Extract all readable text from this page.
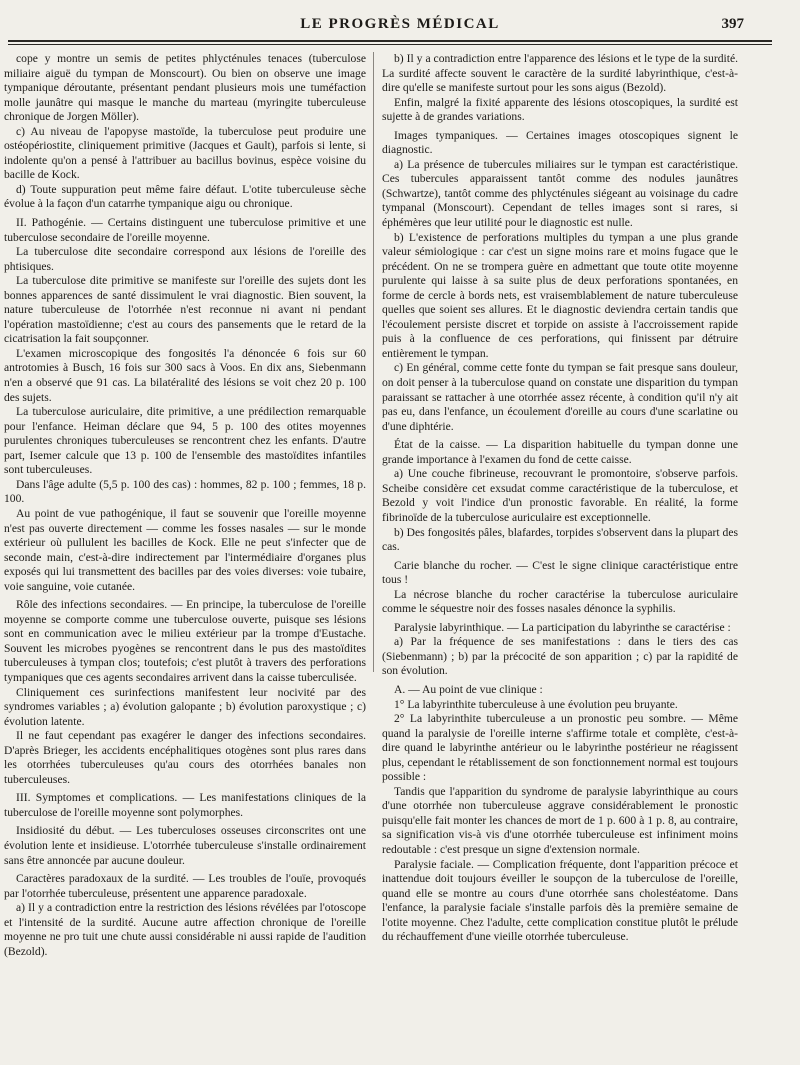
LE PROGRÈS MÉDICAL	397

cope y montre un semis de petites phlycténules tenaces (tuberculose miliaire aiguë du tympan de Monscourt). Ou bien on observe une image tympanique déroutante, présentant pendant plusieurs mois une tuméfaction molle jaunâtre qui masque le manche du marteau (myringite tuberculeuse chronique de Jorgen Möller).

c) Au niveau de l'apopyse mastoïde, la tuberculose peut produire une ostéopériostite, cliniquement primitive (Jacques et Gault), parfois si lente, si indolente qu'on a pensé à l'attribuer au bacillus bovinus, espèce voisine du bacille de Kock.

d) Toute suppuration peut même faire défaut. L'otite tuberculeuse sèche évolue à la façon d'un catarrhe tympanique aigu ou chronique.

II. Pathogénie. — Certains distinguent une tuberculose primitive et une tuberculose secondaire de l'oreille moyenne.

La tuberculose dite secondaire correspond aux lésions de l'oreille des phtisiques.

La tuberculose dite primitive se manifeste sur l'oreille des sujets dont les bonnes apparences de santé dissimulent le vrai diagnostic. Bien souvent, la nature tuberculeuse de l'otorrhée n'est reconnue ni avant ni pendant l'opération mastoïdienne; c'est au cours des pansements que le retard de la cicatrisation la fait soupçonner.

L'examen microscopique des fongosités l'a dénoncée 6 fois sur 60 antrotomies à Busch, 16 fois sur 300 sacs à Voos. En dix ans, Siebenmann n'en a observé que 91 cas. La bilatéralité des lésions se voit chez 20 p. 100 des sujets.

La tuberculose auriculaire, dite primitive, a une prédilection remarquable pour l'enfance. Heiman déclare que 94, 5 p. 100 des otites moyennes purulentes chroniques tuberculeuses se rencontrent chez les enfants. D'autre part, Isemer calcule que 13 p. 100 de l'ensemble des mastoïdites infantiles sont tuberculeuses.

Dans l'âge adulte (5,5 p. 100 des cas) : hommes, 82 p. 100 ; femmes, 18 p. 100.

Au point de vue pathogénique, il faut se souvenir que l'oreille moyenne n'est pas ouverte directement — comme les fosses nasales — sur le monde extérieur où pullulent les bacilles de Kock. Elle ne peut s'infecter que de seconde main, c'est-à-dire indirectement par l'intermédiaire d'organes plus exposés qui lui transmettent des bacilles par des voies diverses: voie tubaire, voie sanguine, voie cutanée.

Rôle des infections secondaires. — En principe, la tuberculose de l'oreille moyenne se comporte comme une tuberculose ouverte, puisque ses lésions sont en communication avec le milieu extérieur par la trompe d'Eustache. Souvent les microbes pyogènes se rencontrent dans le pus des mastoïdites tuberculeuses à tympan clos; toutefois; c'est plutôt à travers des perforations tympaniques que ces agents secondaires arrivent dans la caisse tuberculisée.

Cliniquement ces surinfections manifestent leur nocivité par des syndromes variables ; a) évolution galopante ; b) évolution paroxystique ; c) évolution latente.

Il ne faut cependant pas exagérer le danger des infections secondaires. D'après Brieger, les accidents encéphalitiques otogènes sont plus rares dans les otorrhées tuberculeuses qu'au cours des otorrhées banales non tuberculeuses.

III. Symptomes et complications. — Les manifestations cliniques de la tuberculose de l'oreille moyenne sont polymorphes.

Insidiosité du début. — Les tuberculoses osseuses circonscrites ont une évolution lente et insidieuse. L'otorrhée tuberculeuse s'installe ordinairement sans être annoncée par aucune douleur.

Caractères paradoxaux de la surdité. — Les troubles de l'ouïe, provoqués par l'otorrhée tuberculeuse, présentent une apparence paradoxale.

a) Il y a contradiction entre la restriction des lésions révélées par l'otoscope et l'intensité de la surdité. Aucune autre affection chronique de l'oreille moyenne ne pro tuit une chute aussi considérable ni aussi rapide de l'audition (Bezold).

b) Il y a contradiction entre l'apparence des lésions et le type de la surdité. La surdité affecte souvent le caractère de la surdité labyrinthique, c'est-à-dire qu'elle se manifeste surtout pour les sons aigus (Bezold).

Enfin, malgré la fixité apparente des lésions otoscopiques, la surdité est sujette à de grandes variations.

Images tympaniques. — Certaines images otoscopiques signent le diagnostic.

a) La présence de tubercules miliaires sur le tympan est caractéristique. Ces tubercules apparaissent tantôt comme des nodules jaunâtres (Schwartze), tantôt comme des phlycténules siégeant au voisinage du cadre tympanal (Monscourt). Cependant de telles images sont si rares, si éphémères que leur utilité pour le diagnostic est nulle.

b) L'existence de perforations multiples du tympan a une plus grande valeur sémiologique : car c'est un signe moins rare et moins fugace que le précédent. On ne se trompera guère en admettant que toute otite moyenne purulente qui laisse à sa suite plus de deux perforations spontanées, en forme de cercle à bords nets, est vraisemblablement de nature tuberculeuse quelles que soient ses allures. Et le diagnostic deviendra certain tandis que l'écoulement persiste discret et torpide on assiste à l'accroissement rapide puis à la confluence de ces perforations, qui finissent par détruire entièrement le tympan.

c) En général, comme cette fonte du tympan se fait presque sans douleur, on doit penser à la tuberculose quand on constate une disparition du tympan paraissant se rattacher à une otorrhée assez récente, à condition qu'il n'y ait pas eu, dans l'enfance, un écoulement d'oreille au cours d'une scarlatine ou d'une diphtérie.

État de la caisse. — La disparition habituelle du tympan donne une grande importance à l'examen du fond de cette caisse.

a) Une couche fibrineuse, recouvrant le promontoire, s'observe parfois. Scheibe considère cet exsudat comme caractéristique de la tuberculose, et Bezold y voit l'indice d'un pronostic favorable. En réalité, la forme fibrinoïde de la tuberculose auriculaire est exceptionnelle.

b) Des fongosités pâles, blafardes, torpides s'observent dans la plupart des cas.

Carie blanche du rocher. — C'est le signe clinique caractéristique entre tous !

La nécrose blanche du rocher caractérise la tuberculose auriculaire comme le séquestre noir des fosses nasales dénonce la syphilis.

Paralysie labyrinthique. — La participation du labyrinthe se caractérise :

a) Par la fréquence de ses manifestations : dans le tiers des cas (Siebenmann) ; b) par la précocité de son apparition ; c) par la rapidité de son évolution.

A. — Au point de vue clinique :

1° La labyrinthite tuberculeuse à une évolution peu bruyante.

2° La labyrinthite tuberculeuse a un pronostic peu sombre. — Même quand la paralysie de l'oreille interne s'affirme totale et complète, c'est-à-dire quand le labyrinthe antérieur ou le labyrinthe postérieur ne réagissent plus, cependant le rétablissement de son fonctionnement normal est toujours possible :

Tandis que l'apparition du syndrome de paralysie labyrinthique au cours d'une otorrhée non tuberculeuse aggrave considérablement le pronostic puisqu'elle fait monter les chances de mort de 1 p. 600 à 1 p. 8, au contraire, sa signification vis-à vis d'une otorrhée tuberculeuse est infiniment moins redoutable : c'est presque un signe d'extension normale.

Paralysie faciale. — Complication fréquente, dont l'apparition précoce et inattendue doit toujours éveiller le soupçon de la tuberculose de l'oreille, quand elle se montre au cours d'une otorrhée sans cholestéatome. Dans l'enfance, la paralysie faciale s'installe parfois dès la première semaine de l'otite moyenne. Chez l'adulte, cette complication constitue plutôt le prélude du réchauffement d'une vieille otorrhée tuberculeuse.
